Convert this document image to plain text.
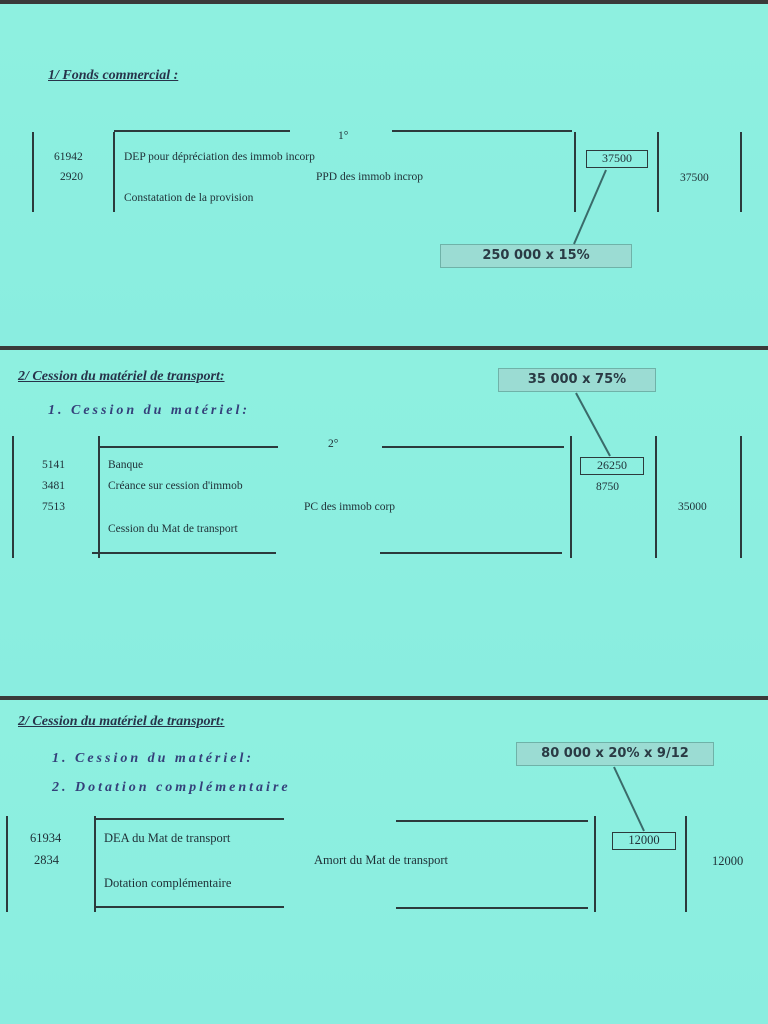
1/ Fonds commercial :
1°
61942
2920
DEP pour dépréciation des immob incorp
PPD des immob incrop
Constatation de la provision
37500
37500
250 000 x 15%
2/ Cession du matériel de transport:
1. Cession du matériel:
35 000 x 75%
2°
5141
3481
7513
Banque
Créance sur cession d'immob
PC des immob corp
Cession du Mat de transport
26250
8750
35000
2/ Cession du matériel de transport:
1. Cession du matériel:
2. Dotation complémentaire
80 000 x 20% x 9/12
61934
2834
DEA du Mat de transport
Amort du Mat de transport
Dotation complémentaire
12000
12000
